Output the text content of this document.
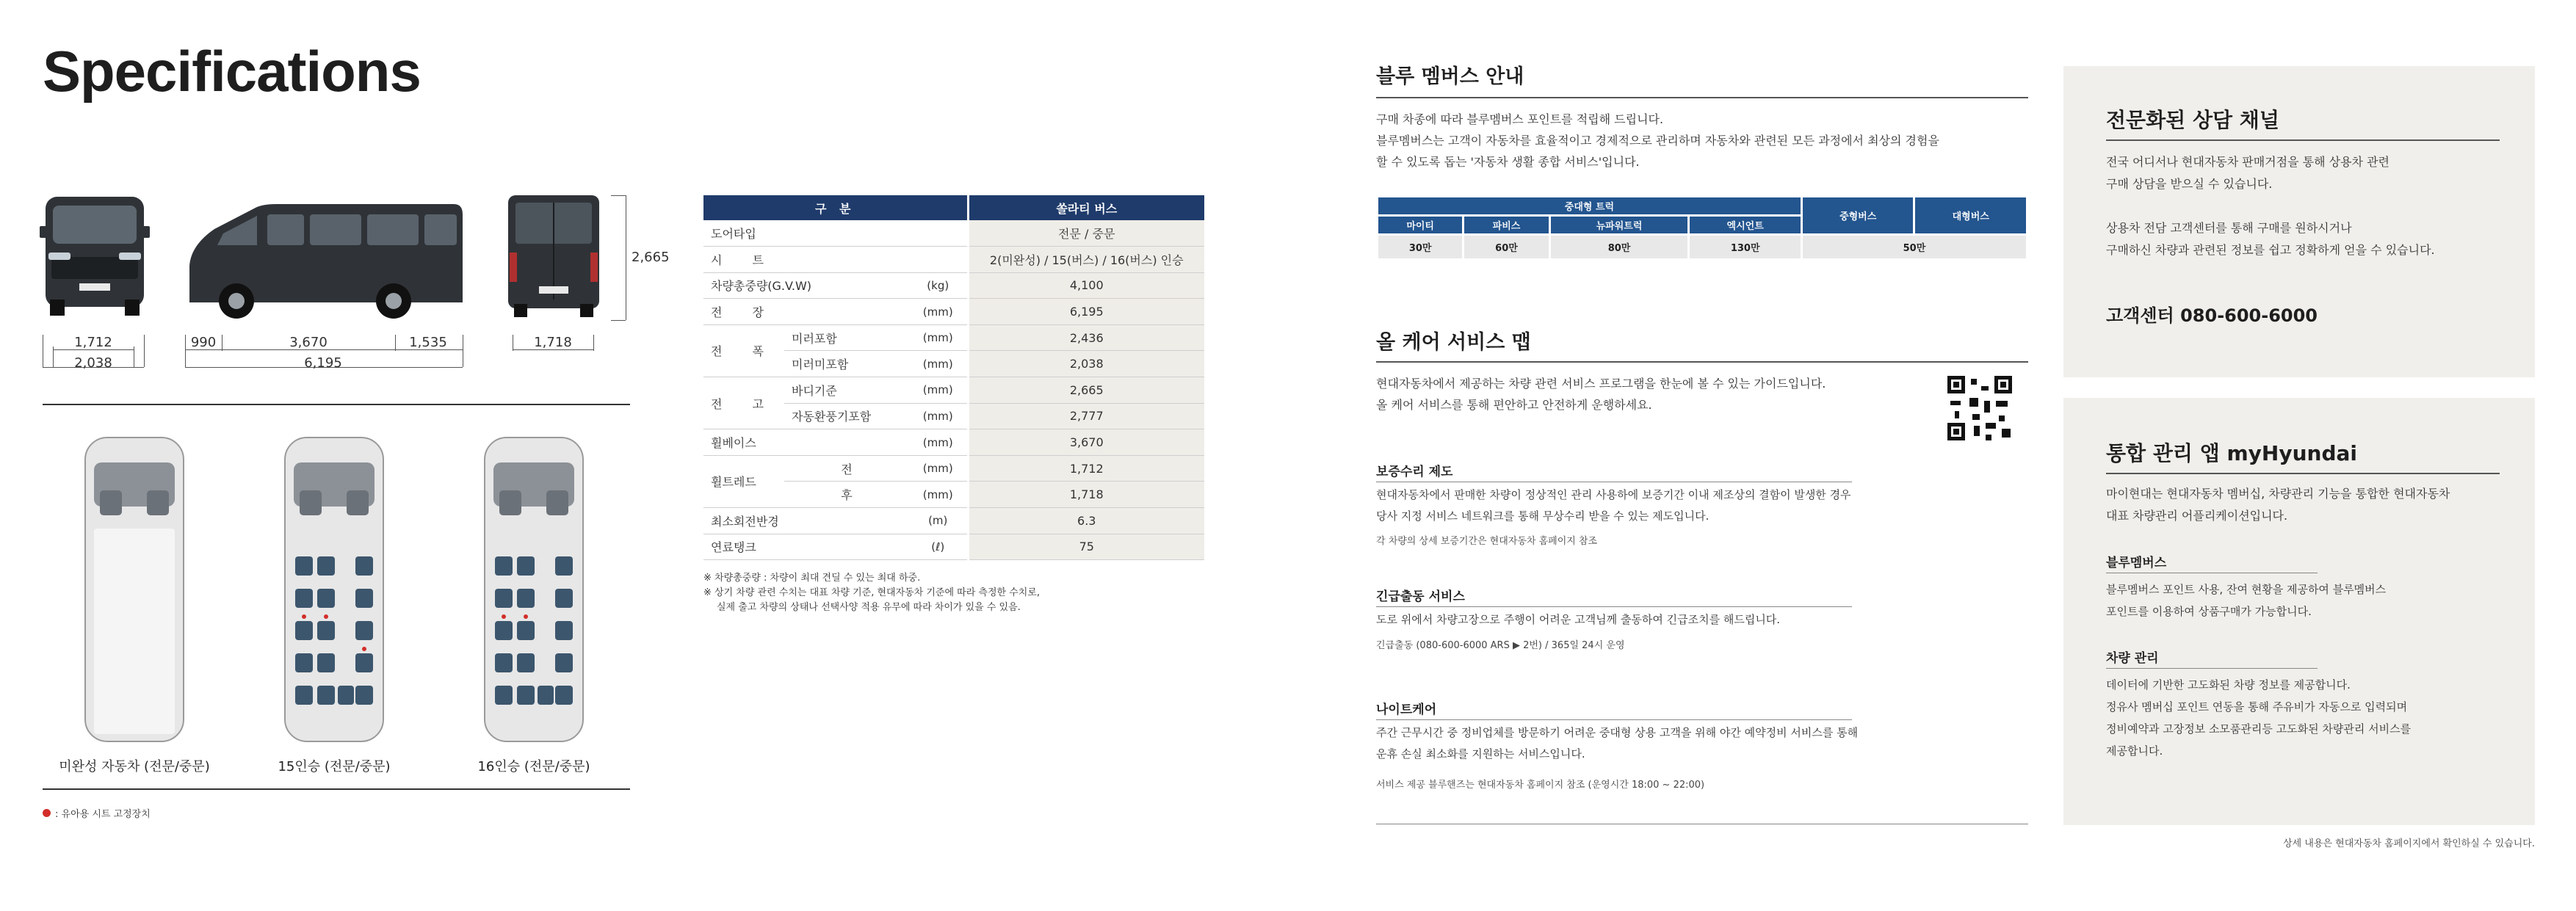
Specifications
2,665
1,712
2,038
990	3,670	1,535
6,195
1,718
미완성 자동차 (전문/중문)	15인승 (전문/중문)	16인승 (전문/중문)
: 유아용 시트 고정장치
구 분			쏠라티 버스
도어타입			전문 / 중문
시 트			2(미완성) / 15(버스) / 16(버스) 인승
차량총중량(G.V.W)		(kg)	4,100
전 장		(mm)	6,195
전 폭	미러포함	(mm)	2,436
	미러미포함	(mm)	2,038
전 고	바디기준	(mm)	2,665
	자동환풍기포함	(mm)	2,777
휠베이스		(mm)	3,670
휠트레드	전	(mm)	1,712
	후	(mm)	1,718
최소회전반경		(m)	6.3
연료탱크		(ℓ)	75
※ 차량총중량 : 차량이 최대 견딜 수 있는 최대 하중.
※ 상기 차량 관련 수치는 대표 차량 기준, 현대자동차 기준에 따라 측정한 수치로,
실제 출고 차량의 상태나 선택사양 적용 유무에 따라 차이가 있을 수 있음.
블루 멤버스 안내
구매 차종에 따라 블루멤버스 포인트를 적립해 드립니다.
블루멤버스는 고객이 자동차를 효율적이고 경제적으로 관리하며 자동차와 관련된 모든 과정에서 최상의 경험을
할 수 있도록 돕는 '자동차 생활 종합 서비스'입니다.
중대형 트럭				중형버스	대형버스
마이티	파비스	뉴파워트럭	엑시언트		
30만	60만	80만	130만	50만	
올 케어 서비스 맵
현대자동차에서 제공하는 차량 관련 서비스 프로그램을 한눈에 볼 수 있는 가이드입니다.
올 케어 서비스를 통해 편안하고 안전하게 운행하세요.
보증수리 제도
현대자동차에서 판매한 차량이 정상적인 관리 사용하에 보증기간 이내 제조상의 결함이 발생한 경우
당사 지정 서비스 네트워크를 통해 무상수리 받을 수 있는 제도입니다.
각 차량의 상세 보증기간은 현대자동차 홈페이지 참조
긴급출동 서비스
도로 위에서 차량고장으로 주행이 어려운 고객님께 출동하여 긴급조치를 해드립니다.
긴급출동 (080-600-6000 ARS ▶ 2번) / 365일 24시 운영
나이트케어
주간 근무시간 중 정비업체를 방문하기 어려운 중대형 상용 고객을 위해 야간 예약정비 서비스를 통해
운휴 손실 최소화를 지원하는 서비스입니다.
서비스 제공 블루핸즈는 현대자동차 홈페이지 참조 (운영시간 18:00 ~ 22:00)
전문화된 상담 채널
전국 어디서나 현대자동차 판매거점을 통해 상용차 관련
구매 상담을 받으실 수 있습니다.
상용차 전담 고객센터를 통해 구매를 원하시거나
구매하신 차량과 관련된 정보를 쉽고 정확하게 얻을 수 있습니다.
고객센터 080-600-6000
통합 관리 앱 myHyundai
마이현대는 현대자동차 멤버십, 차량관리 기능을 통합한 현대자동차
대표 차량관리 어플리케이션입니다.
블루멤버스
블루멤버스 포인트 사용, 잔여 현황을 제공하여 블루멤버스
포인트를 이용하여 상품구매가 가능합니다.
차량 관리
데이터에 기반한 고도화된 차량 정보를 제공합니다.
정유사 멤버십 포인트 연동을 통해 주유비가 자동으로 입력되며
정비예약과 고장정보 소모품관리등 고도화된 차량관리 서비스를
제공합니다.
상세 내용은 현대자동차 홈페이지에서 확인하실 수 있습니다.
